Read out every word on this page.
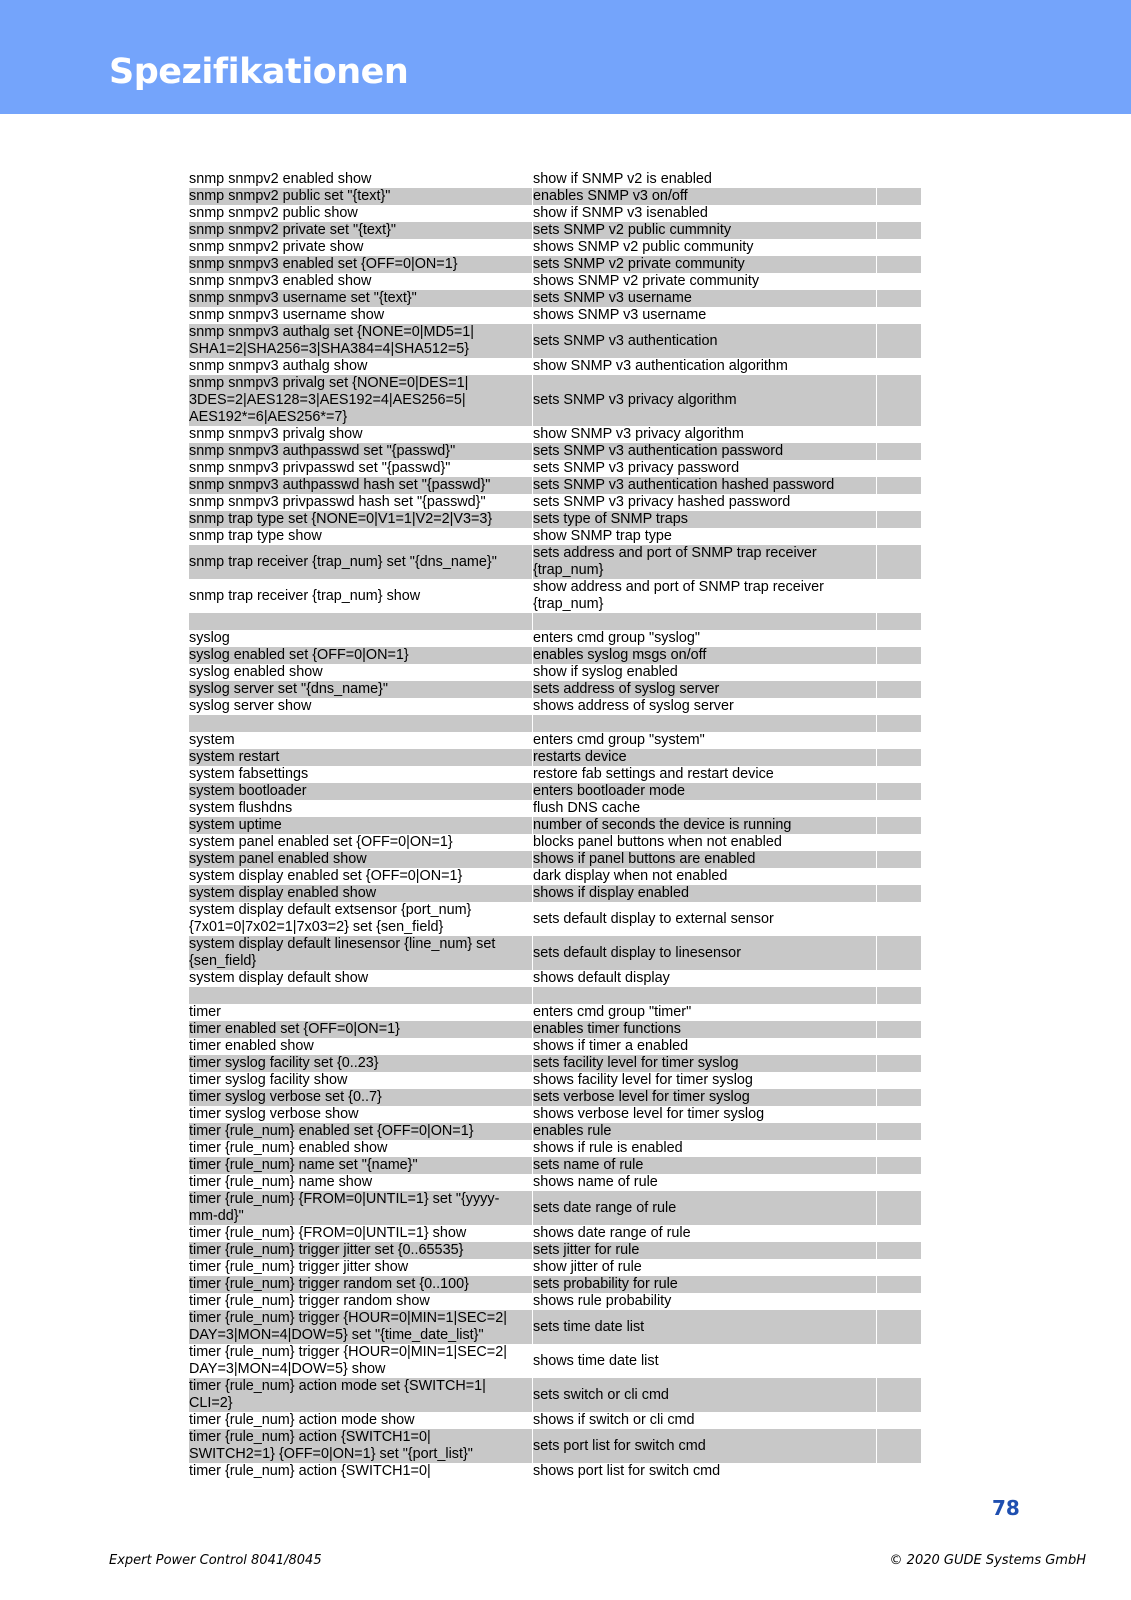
Spezifikationen
snmp snmpv2 enabled show	show if SNMP v2 is enabled	
snmp snmpv2 public set "{text}"	enables SNMP v3 on/off	
snmp snmpv2 public show	show if SNMP v3 isenabled	
snmp snmpv2 private set "{text}"	sets SNMP v2 public cummnity	
snmp snmpv2 private show	shows SNMP v2 public community	
snmp snmpv3 enabled set {OFF=0|ON=1}	sets SNMP v2 private community	
snmp snmpv3 enabled show	shows SNMP v2 private community	
snmp snmpv3 username set "{text}"	sets SNMP v3 username	
snmp snmpv3 username show	shows SNMP v3 username	
snmp snmpv3 authalg set {NONE=0|MD5=1|
SHA1=2|SHA256=3|SHA384=4|SHA512=5}	sets SNMP v3 authentication	
snmp snmpv3 authalg show	show SNMP v3 authentication algorithm	
snmp snmpv3 privalg set {NONE=0|DES=1|
3DES=2|AES128=3|AES192=4|AES256=5|
AES192*=6|AES256*=7}	sets SNMP v3 privacy algorithm	
snmp snmpv3 privalg show	show SNMP v3 privacy algorithm	
snmp snmpv3 authpasswd set "{passwd}"	sets SNMP v3 authentication password	
snmp snmpv3 privpasswd set "{passwd}"	sets SNMP v3 privacy password	
snmp snmpv3 authpasswd hash set "{passwd}"	sets SNMP v3 authentication hashed password	
snmp snmpv3 privpasswd hash set "{passwd}"	sets SNMP v3 privacy hashed password	
snmp trap type set {NONE=0|V1=1|V2=2|V3=3}	sets type of SNMP traps	
snmp trap type show	show SNMP trap type	
snmp trap receiver {trap_num} set "{dns_name}"	sets address and port of SNMP trap receiver
{trap_num}	
snmp trap receiver {trap_num} show	show address and port of SNMP trap receiver
{trap_num}	

syslog	enters cmd group "syslog"	
syslog enabled set {OFF=0|ON=1}	enables syslog msgs on/off	
syslog enabled show	show if syslog enabled	
syslog server set "{dns_name}"	sets address of syslog server	
syslog server show	shows address of syslog server	

system	enters cmd group "system"	
system restart	restarts device	
system fabsettings	restore fab settings and restart device	
system bootloader	enters bootloader mode	
system flushdns	flush DNS cache	
system uptime	number of seconds the device is running	
system panel enabled set {OFF=0|ON=1}	blocks panel buttons when not enabled	
system panel enabled show	shows if panel buttons are enabled	
system display enabled set {OFF=0|ON=1}	dark display when not enabled	
system display enabled show	shows if display enabled	
system display default extsensor {port_num}
{7x01=0|7x02=1|7x03=2} set {sen_field}	sets default display to external sensor	
system display default linesensor {line_num} set
{sen_field}	sets default display to linesensor	
system display default show	shows default display	

timer	enters cmd group "timer"	
timer enabled set {OFF=0|ON=1}	enables timer functions	
timer enabled show	shows if timer a enabled	
timer syslog facility set {0..23}	sets facility level for timer syslog	
timer syslog facility show	shows facility level for timer syslog	
timer syslog verbose set {0..7}	sets verbose level for timer syslog	
timer syslog verbose show	shows verbose level for timer syslog	
timer {rule_num} enabled set {OFF=0|ON=1}	enables rule	
timer {rule_num} enabled show	shows if rule is enabled	
timer {rule_num} name set "{name}"	sets name of rule	
timer {rule_num} name show	shows name of rule	
timer {rule_num} {FROM=0|UNTIL=1} set "{yyyy-
mm-dd}"	sets date range of rule	
timer {rule_num} {FROM=0|UNTIL=1} show	shows date range of rule	
timer {rule_num} trigger jitter set {0..65535}	sets jitter for rule	
timer {rule_num} trigger jitter show	show jitter of rule	
timer {rule_num} trigger random set {0..100}	sets probability for rule	
timer {rule_num} trigger random show	shows rule probability	
timer {rule_num} trigger {HOUR=0|MIN=1|SEC=2|
DAY=3|MON=4|DOW=5} set "{time_date_list}"	sets time date list	
timer {rule_num} trigger {HOUR=0|MIN=1|SEC=2|
DAY=3|MON=4|DOW=5} show	shows time date list	
timer {rule_num} action mode set {SWITCH=1|
CLI=2}	sets switch or cli cmd	
timer {rule_num} action mode show	shows if switch or cli cmd	
timer {rule_num} action {SWITCH1=0|
SWITCH2=1} {OFF=0|ON=1} set "{port_list}"	sets port list for switch cmd	
timer {rule_num} action {SWITCH1=0|	shows port list for switch cmd	
78
Expert Power Control 8041/8045	© 2020 GUDE Systems GmbH
